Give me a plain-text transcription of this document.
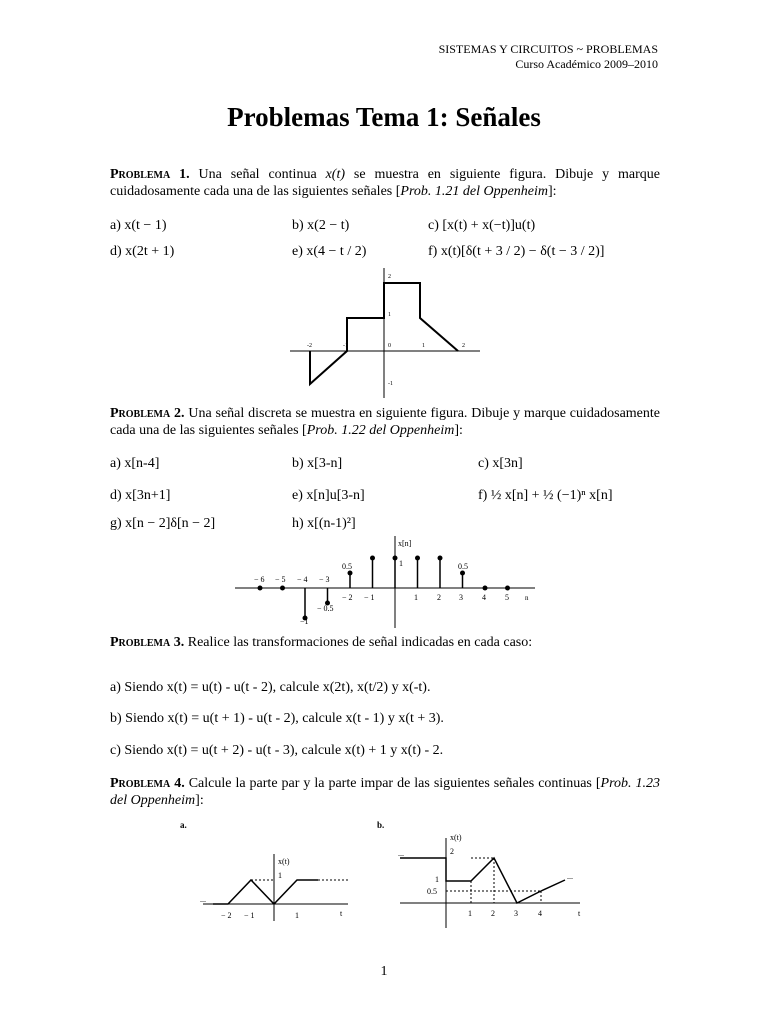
SISTEMAS Y CIRCUITOS ~ PROBLEMAS
Curso Académico 2009–2010
Problemas Tema 1: Señales
Problema 1. Una señal continua x(t) se muestra en siguiente figura. Dibuje y marque cuidadosamente cada una de las siguientes señales [Prob. 1.21 del Oppenheim]:
a) x(t − 1)	b) x(2 − t)	c) [x(t) + x(−t)]u(t)
d) x(2t + 1)	e) x(4 − t / 2)	f) x(t)[δ(t + 3 / 2) − δ(t − 3 / 2)]
-2	-1	0	1	2
2
1
-1
Problema 2. Una señal discreta se muestra en siguiente figura. Dibuje y marque cuidadosamente cada una de las siguientes señales [Prob. 1.22 del Oppenheim]:
a) x[n-4]	b) x[3-n]	c) x[3n]
d) x[3n+1]	e) x[n]u[3-n]	f) ½ x[n] + ½ (−1)ⁿ x[n]
g) x[n − 2]δ[n − 2]	h) x[(n-1)²]
x[n]
n
− 6 − 5 − 4 − 3
− 2 − 1	1 2 3 4 5
0.5	1	0.5
− 0.5
−1
Problema 3. Realice las transformaciones de señal indicadas en cada caso:
a) Siendo x(t) = u(t) - u(t - 2), calcule x(2t), x(t/2) y x(-t).
b) Siendo x(t) = u(t + 1) - u(t - 2), calcule x(t - 1) y x(t + 3).
c) Siendo x(t) = u(t + 2) - u(t - 3), calcule x(t) + 1 y x(t) - 2.
Problema 4. Calcule la parte par y la parte impar de las siguientes señales continuas [Prob. 1.23 del Oppenheim]:
a.
x(t)
1
...
− 2 − 1	1	t
b.
x(t)
2
1
0.5
...
...
1 2 3	4	t
1
